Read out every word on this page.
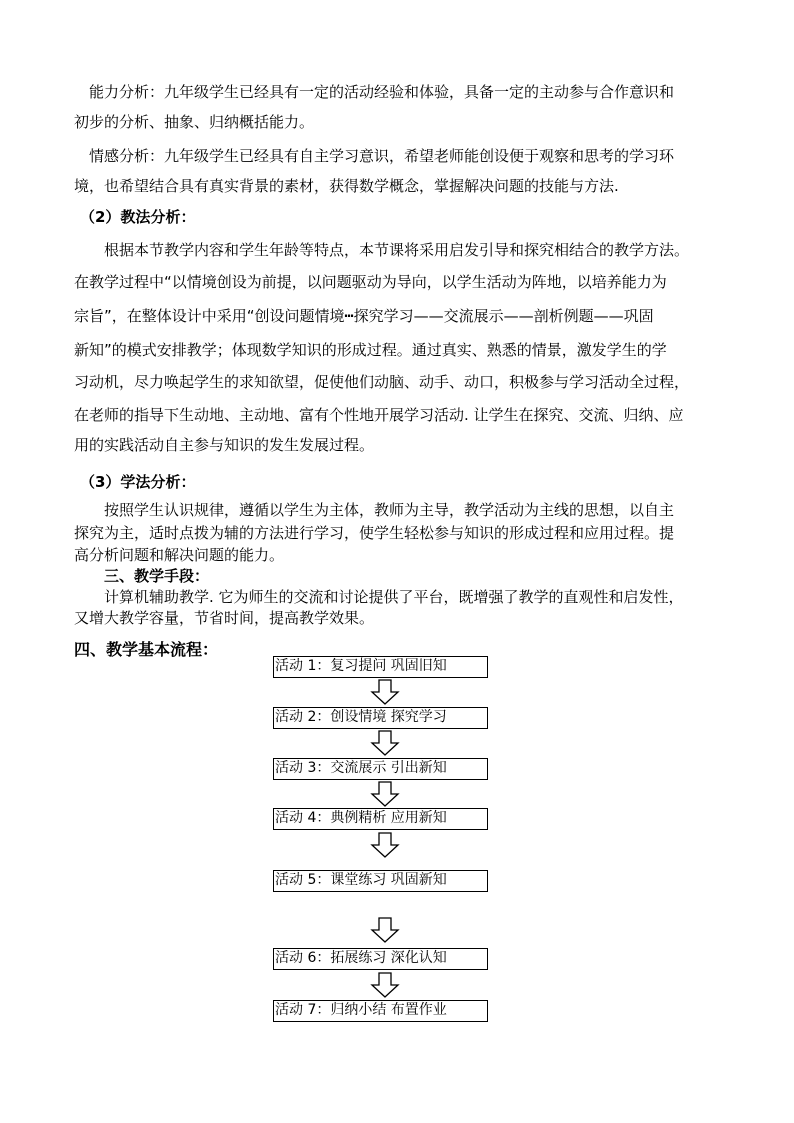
能力分析：九年级学生已经具有一定的活动经验和体验，具备一定的主动参与合作意识和
初步的分析、抽象、归纳概括能力。
情感分析：九年级学生已经具有自主学习意识，希望老师能创设便于观察和思考的学习环
境，也希望结合具有真实背景的素材，获得数学概念，掌握解决问题的技能与方法.
（2）教法分析：
根据本节教学内容和学生年龄等特点，本节课将采用启发引导和探究相结合的教学方法。
在教学过程中“以情境创设为前提，以问题驱动为导向，以学生活动为阵地，以培养能力为
宗旨”，在整体设计中采用“创设问题情境┅探究学习——交流展示——剖析例题——巩固
新知”的模式安排教学；体现数学知识的形成过程。通过真实、熟悉的情景，激发学生的学
习动机，尽力唤起学生的求知欲望，促使他们动脑、动手、动口，积极参与学习活动全过程，
在老师的指导下生动地、主动地、富有个性地开展学习活动. 让学生在探究、交流、归纳、应
用的实践活动自主参与知识的发生发展过程。
（3）学法分析：
按照学生认识规律，遵循以学生为主体，教师为主导，教学活动为主线的思想，以自主
探究为主，适时点拨为辅的方法进行学习，使学生轻松参与知识的形成过程和应用过程。提
高分析问题和解决问题的能力。
三、教学手段：
计算机辅助教学. 它为师生的交流和讨论提供了平台，既增强了教学的直观性和启发性，
又增大教学容量，节省时间，提高教学效果。
四、教学基本流程：
活动 1：复习提问 巩固旧知
活动 2：创设情境 探究学习
活动 3：交流展示 引出新知
活动 4：典例精析 应用新知
活动 5：课堂练习 巩固新知
活动 6：拓展练习 深化认知
活动 7：归纳小结 布置作业
